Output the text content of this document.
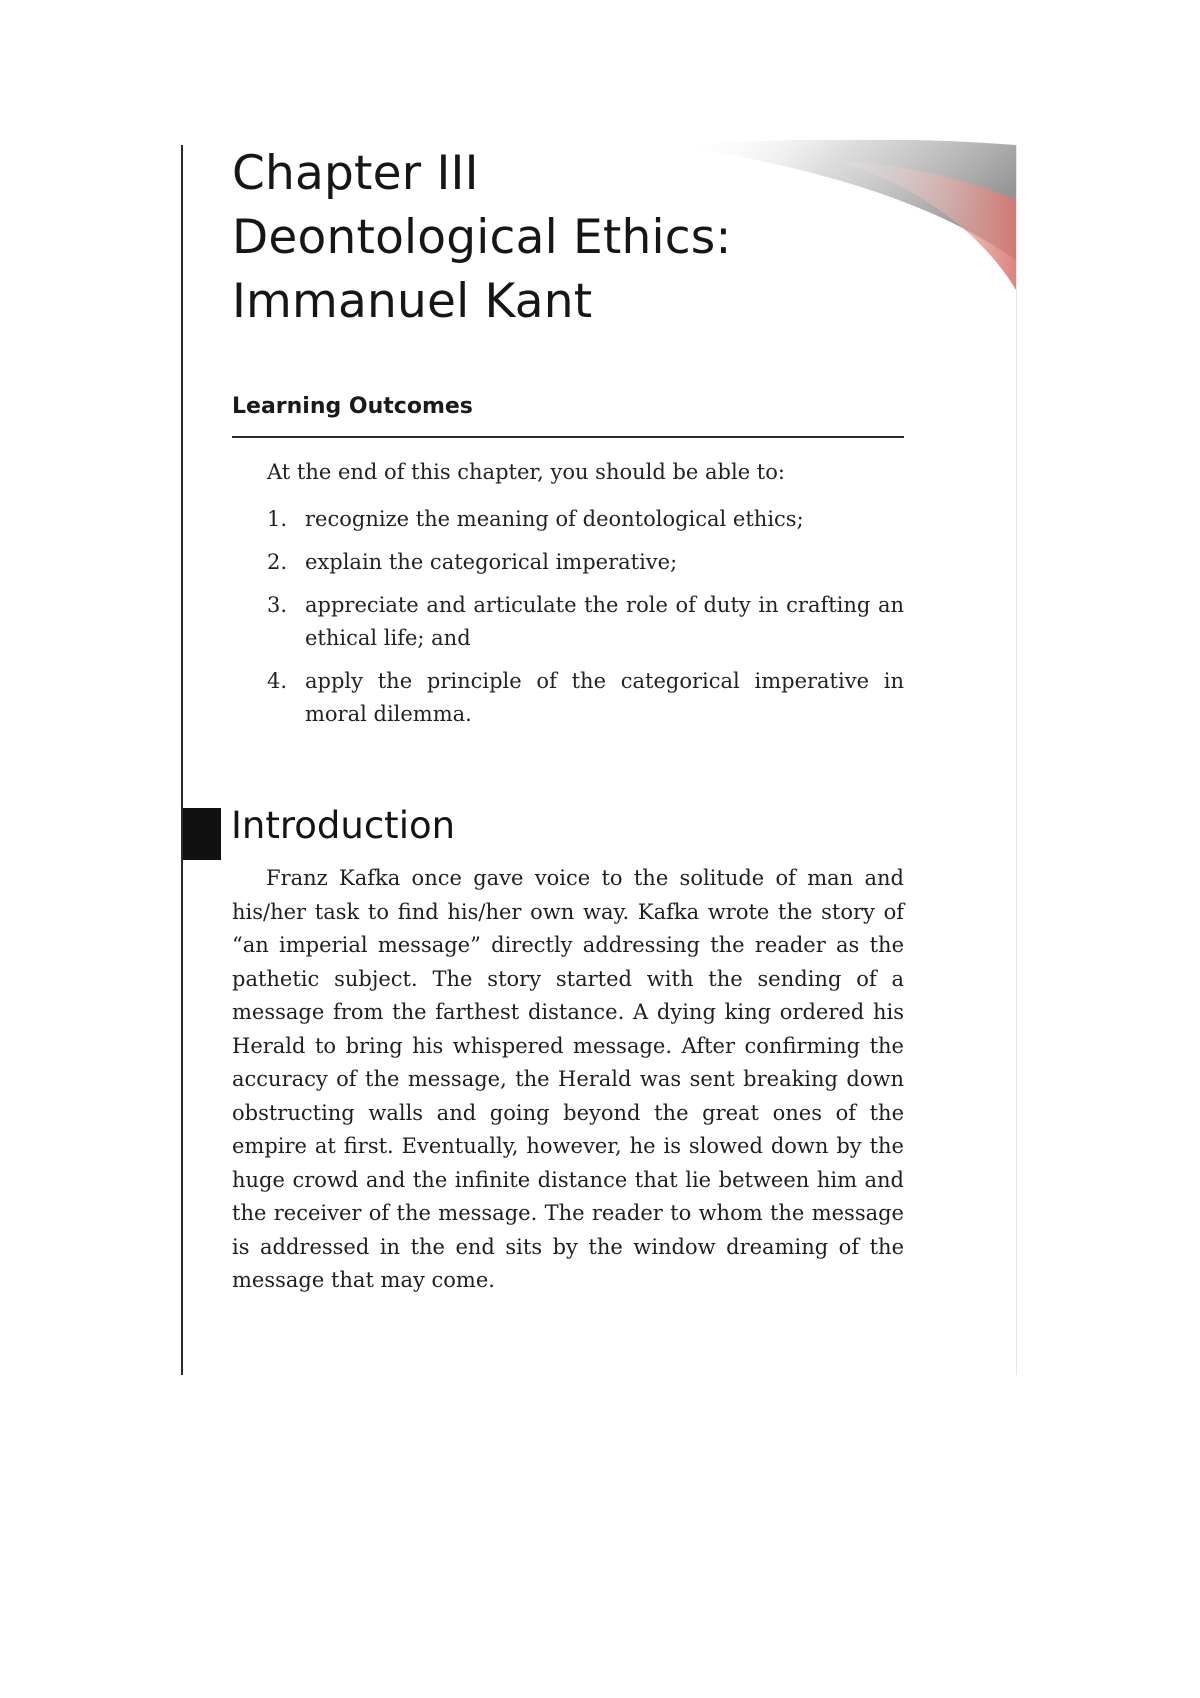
Chapter III
Deontological Ethics:
Immanuel Kant
Learning Outcomes

At the end of this chapter, you should be able to:

1. recognize the meaning of deontological ethics;
2. explain the categorical imperative;
3. appreciate and articulate the role of duty in crafting an ethical life; and
4. apply the principle of the categorical imperative in moral dilemma.
Introduction

Franz Kafka once gave voice to the solitude of man and his/her task to find his/her own way. Kafka wrote the story of “an imperial message” directly addressing the reader as the pathetic subject. The story started with the sending of a message from the farthest distance. A dying king ordered his Herald to bring his whispered message. After confirming the accuracy of the message, the Herald was sent breaking down obstructing walls and going beyond the great ones of the empire at first. Eventually, however, he is slowed down by the huge crowd and the infinite distance that lie between him and the receiver of the message. The reader to whom the message is addressed in the end sits by the window dreaming of the message that may come.
